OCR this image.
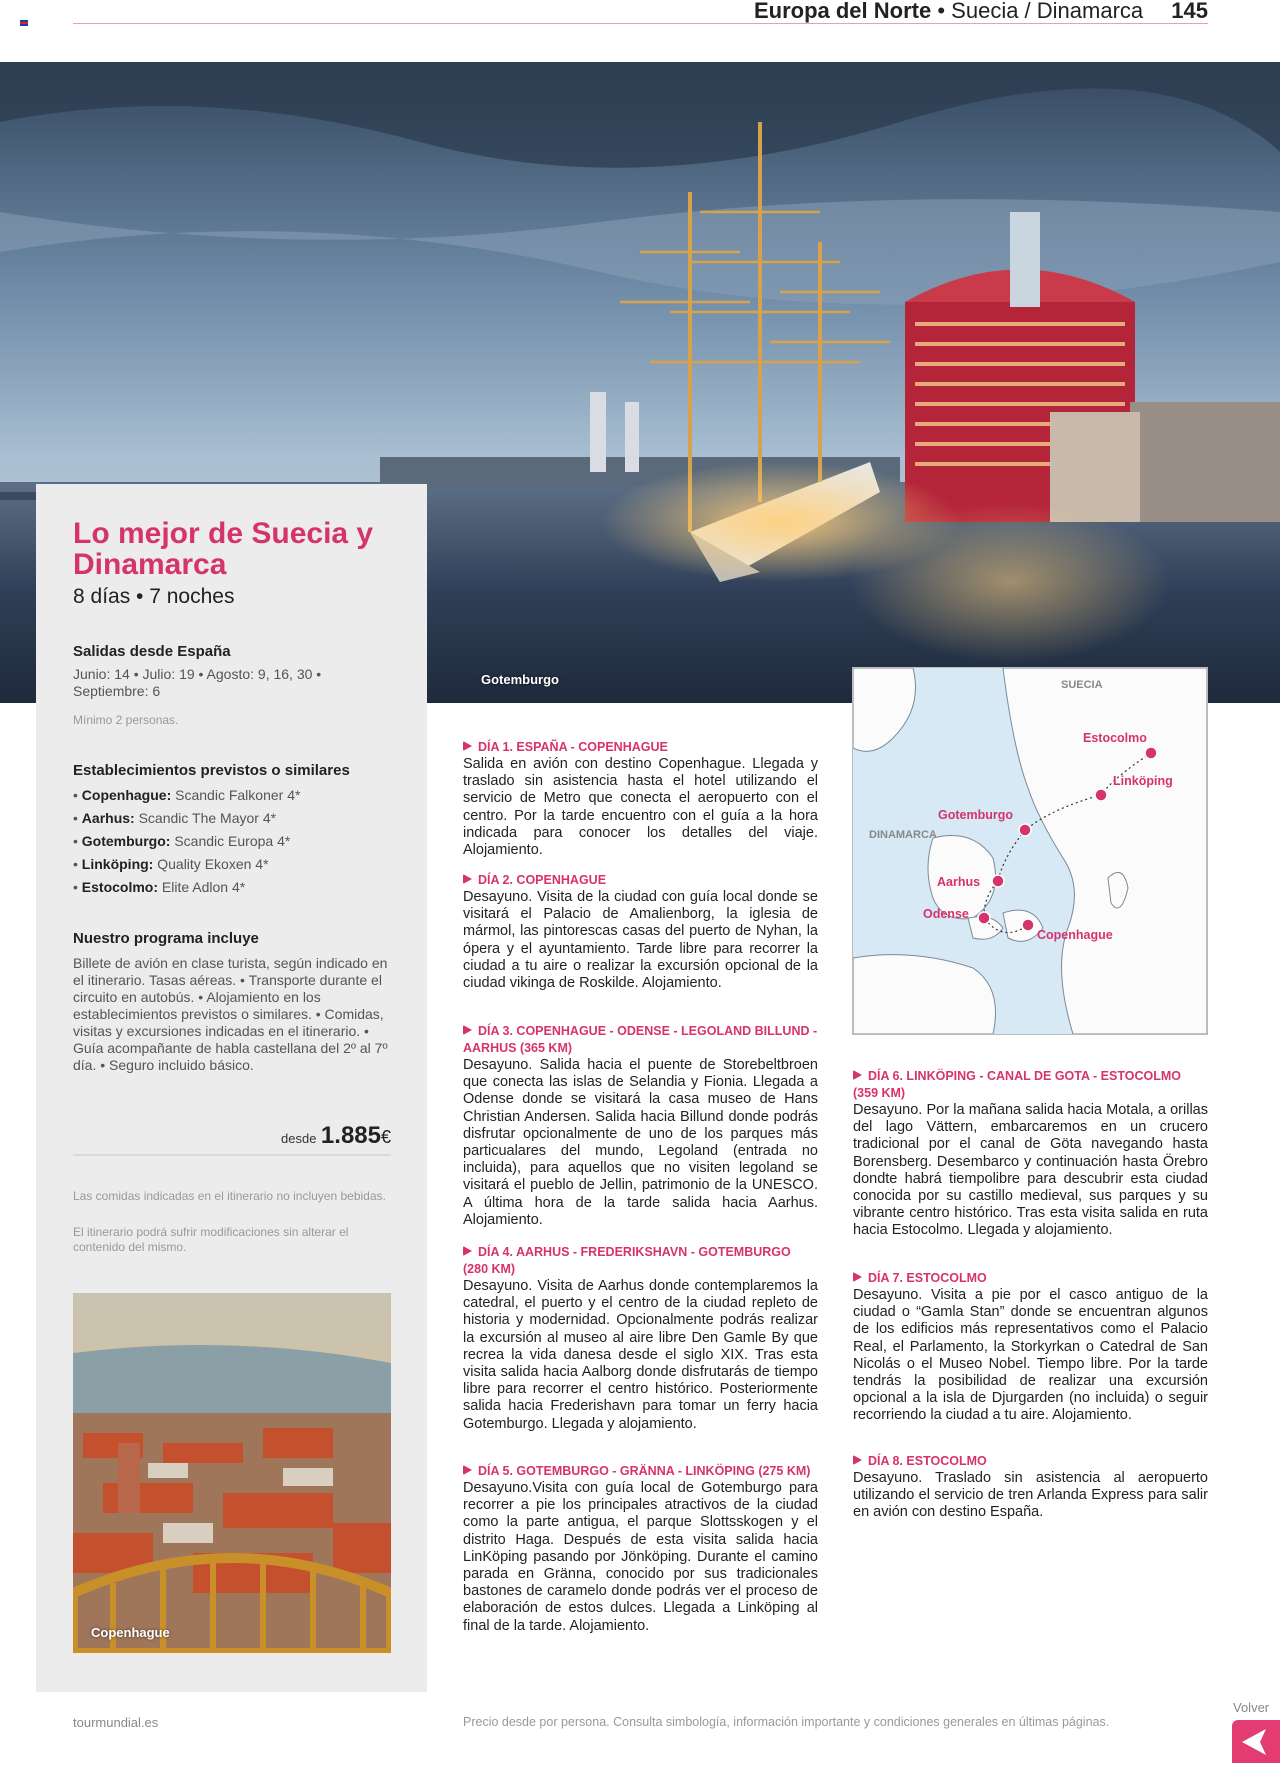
Europa del Norte • Suecia / Dinamarca 145
Gotemburgo
Lo mejor de Suecia y Dinamarca
8 días • 7 noches
Salidas desde España
Junio: 14 • Julio: 19 • Agosto: 9, 16, 30 • Septiembre: 6
Mínimo 2 personas.
Establecimientos previstos o similares
• Copenhague: Scandic Falkoner 4*
• Aarhus: Scandic The Mayor 4*
• Gotemburgo: Scandic Europa 4*
• Linköping: Quality Ekoxen 4*
• Estocolmo: Elite Adlon 4*
Nuestro programa incluye
Billete de avión en clase turista, según indicado en el itinerario. Tasas aéreas. • Transporte durante el circuito en autobús. • Alojamiento en los establecimientos previstos o similares. • Comidas, visitas y excursiones indicadas en el itinerario. • Guía acompañante de habla castellana del 2º al 7º día. • Seguro incluido básico.
desde 1.885€
Las comidas indicadas en el itinerario no incluyen bebidas.
El itinerario podrá sufrir modificaciones sin alterar el contenido del mismo.
Copenhague
SUECIA
DINAMARCA
Estocolmo
Linköping
Gotemburgo
Aarhus
Odense
Copenhague
DÍA 1. ESPAÑA - COPENHAGUE

Salida en avión con destino Copenhague. Llegada y traslado sin asistencia hasta el hotel utilizando el servicio de Metro que conecta el aeropuerto con el centro. Por la tarde encuentro con el guía a la hora indicada para conocer los detalles del viaje. Alojamiento.

DÍA 2. COPENHAGUE

Desayuno. Visita de la ciudad con guía local donde se visitará el Palacio de Amalienborg, la iglesia de mármol, las pintorescas casas del puerto de Nyhan, la ópera y el ayuntamiento. Tarde libre para recorrer la ciudad a tu aire o realizar la excursión opcional de la ciudad vikinga de Roskilde. Alojamiento.

DÍA 3. COPENHAGUE - ODENSE - LEGOLAND BILLUND - AARHUS (365 KM)

Desayuno. Salida hacia el puente de Storebeltbroen que conecta las islas de Selandia y Fionia. Llegada a Odense donde se visitará la casa museo de Hans Christian Andersen. Salida hacia Billund donde podrás disfrutar opcionalmente de uno de los parques más particualares del mundo, Legoland (entrada no incluida), para aquellos que no visiten legoland se visitará el pueblo de Jellin, patrimonio de la UNESCO. A última hora de la tarde salida hacia Aarhus. Alojamiento.

DÍA 4. AARHUS - FREDERIKSHAVN - GOTEMBURGO (280 KM)

Desayuno. Visita de Aarhus donde contemplaremos la catedral, el puerto y el centro de la ciudad repleto de historia y modernidad. Opcionalmente podrás realizar la excursión al museo al aire libre Den Gamle By que recrea la vida danesa desde el siglo XIX. Tras esta visita salida hacia Aalborg donde disfrutarás de tiempo libre para recorrer el centro histórico. Posteriormente salida hacia Frederishavn para tomar un ferry hacia Gotemburgo. Llegada y alojamiento.

DÍA 5. GOTEMBURGO - GRÄNNA - LINKÖPING (275 KM)

Desayuno.Visita con guía local de Gotemburgo para recorrer a pie los principales atractivos de la ciudad como la parte antigua, el parque Slottsskogen y el distrito Haga. Después de esta visita salida hacia LinKöping pasando por Jönköping. Durante el camino parada en Gränna, conocido por sus tradicionales bastones de caramelo donde podrás ver el proceso de elaboración de estos dulces. Llegada a Linköping al final de la tarde. Alojamiento.

DÍA 6. LINKÖPING - CANAL DE GOTA - ESTOCOLMO (359 KM)

Desayuno. Por la mañana salida hacia Motala, a orillas del lago Vättern, embarcaremos en un crucero tradicional por el canal de Göta navegando hasta Borensberg. Desembarco y continuación hasta Örebro dondte habrá tiempolibre para descubrir esta ciudad conocida por su castillo medieval, sus parques y su vibrante centro histórico. Tras esta visita salida en ruta hacia Estocolmo. Llegada y alojamiento.

DÍA 7. ESTOCOLMO

Desayuno. Visita a pie por el casco antiguo de la ciudad o “Gamla Stan” donde se encuentran algunos de los edificios más representativos como el Palacio Real, el Parlamento, la Storkyrkan o Catedral de San Nicolás o el Museo Nobel. Tiempo libre. Por la tarde tendrás la posibilidad de realizar una excursión opcional a la isla de Djurgarden (no incluida) o seguir recorriendo la ciudad a tu aire. Alojamiento.

DÍA 8. ESTOCOLMO

Desayuno. Traslado sin asistencia al aeropuerto utilizando el servicio de tren Arlanda Express para salir en avión con destino España.

tourmundial.es	Precio desde por persona. Consulta simbología, información importante y condiciones generales en últimas páginas.
Volver
